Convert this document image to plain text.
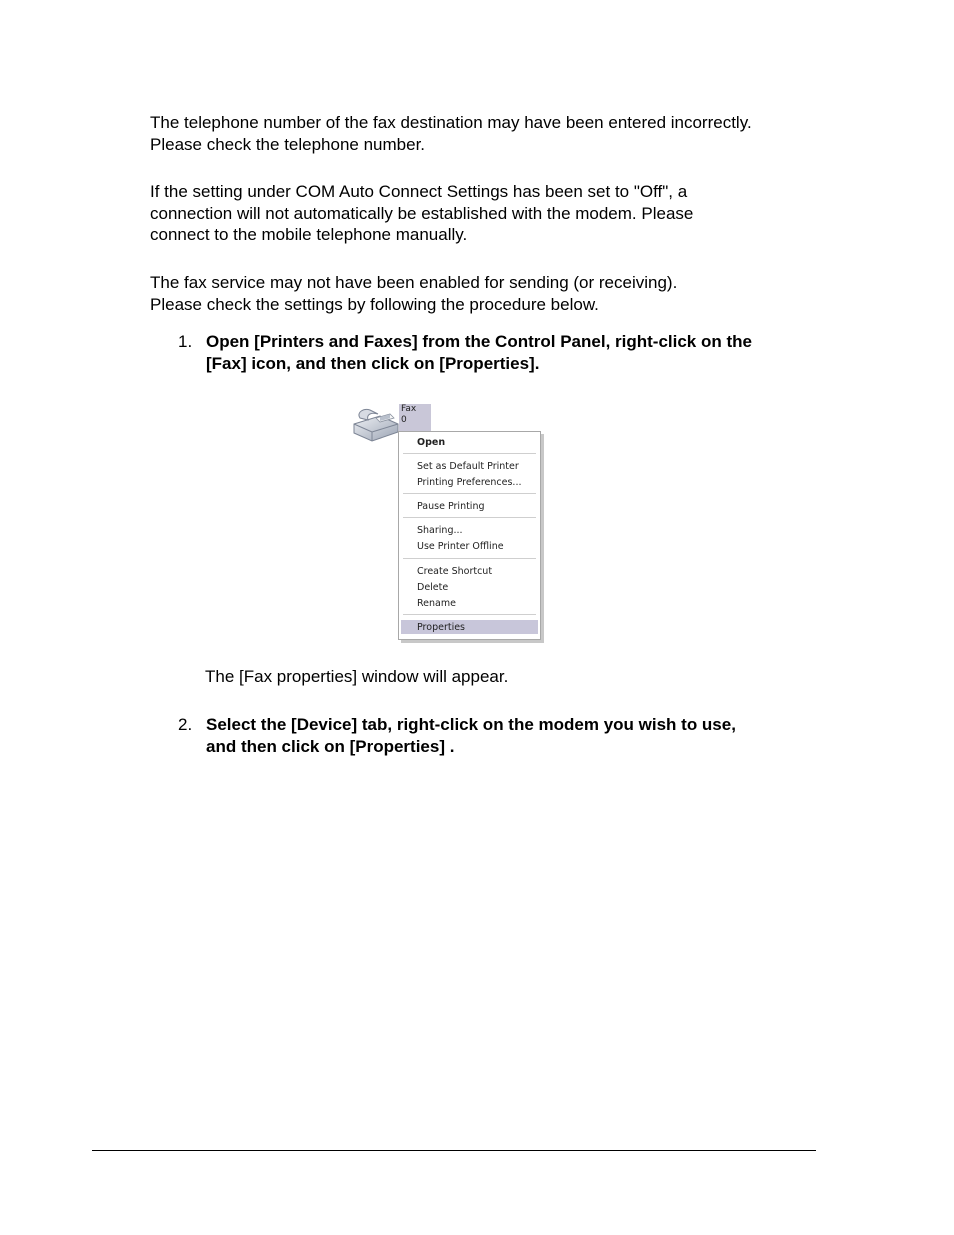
The telephone number of the fax destination may have been entered incorrectly.
Please check the telephone number.
If the setting under COM Auto Connect Settings has been set to "Off", a
connection will not automatically be established with the modem. Please
connect to the mobile telephone manually.
The fax service may not have been enabled for sending (or receiving).
Please check the settings by following the procedure below.
1. Open [Printers and Faxes] from the Control Panel, right-click on the
[Fax] icon, and then click on [Properties].
Fax
0
Open
Set as Default Printer
Printing Preferences...
Pause Printing
Sharing...
Use Printer Offline
Create Shortcut
Delete
Rename
Properties
The [Fax properties] window will appear.
2. Select the [Device] tab, right-click on the modem you wish to use,
and then click on [Properties] .
